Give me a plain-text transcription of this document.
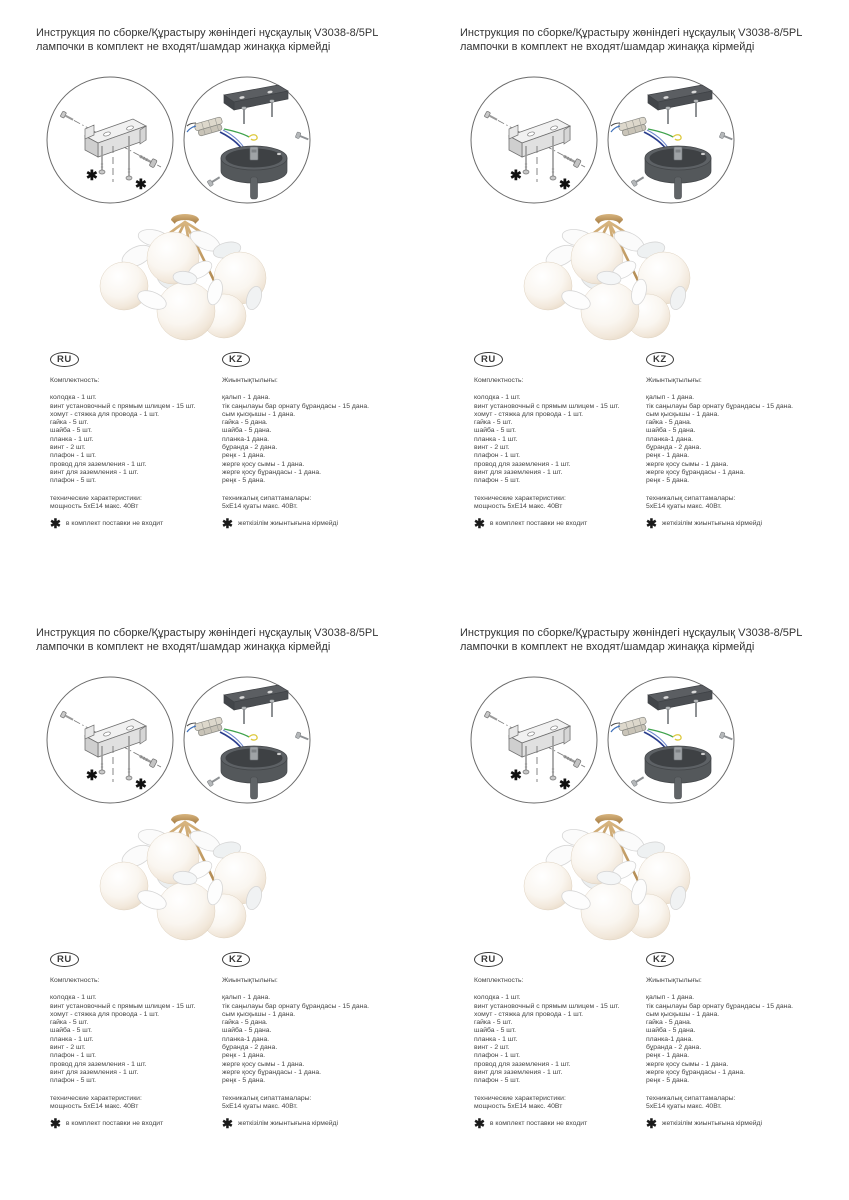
Инструкция по сборке/Құрастыру жөніндегі нұсқаулық V3038-8/5PL
лампочки в комплект не входят/шамдар жинаққа кірмейді
✱
✱
RU
Комплектность:
колодка - 1 шт.
винт установочный с прямым шлицем - 15 шт.
хомут - стяжка для провода - 1 шт.
гайка - 5 шт.
шайба - 5 шт.
планка - 1 шт.
винт - 2 шт.
плафон - 1 шт.
провод для заземления - 1 шт.
винт для заземления - 1 шт.
плафон - 5 шт.
технические характеристики:
мощность 5хЕ14 макс. 40Вт
✱ в комплект поставки не входит
KZ
Жиынтықтылығы:
қалып - 1 дана.
тік саңылауы бар орнату бұрандасы - 15 дана.
сым қысқышы - 1 дана.
гайка - 5 дана.
шайба - 5 дана.
планка-1 дана.
бұранда - 2 дана.
реңк - 1 дана.
жерге қосу сымы - 1 дана.
жерге қосу бұрандасы - 1 дана.
реңк - 5 дана.
техникалық сипаттамалары:
5хЕ14 қуаты макс. 40Вт.
✱ жеткізілім жиынтығына кірмейді
Инструкция по сборке/Құрастыру жөніндегі нұсқаулық V3038-8/5PL
лампочки в комплект не входят/шамдар жинаққа кірмейді
✱
✱
RU
Комплектность:
колодка - 1 шт.
винт установочный с прямым шлицем - 15 шт.
хомут - стяжка для провода - 1 шт.
гайка - 5 шт.
шайба - 5 шт.
планка - 1 шт.
винт - 2 шт.
плафон - 1 шт.
провод для заземления - 1 шт.
винт для заземления - 1 шт.
плафон - 5 шт.
технические характеристики:
мощность 5хЕ14 макс. 40Вт
✱ в комплект поставки не входит
KZ
Жиынтықтылығы:
қалып - 1 дана.
тік саңылауы бар орнату бұрандасы - 15 дана.
сым қысқышы - 1 дана.
гайка - 5 дана.
шайба - 5 дана.
планка-1 дана.
бұранда - 2 дана.
реңк - 1 дана.
жерге қосу сымы - 1 дана.
жерге қосу бұрандасы - 1 дана.
реңк - 5 дана.
техникалық сипаттамалары:
5хЕ14 қуаты макс. 40Вт.
✱ жеткізілім жиынтығына кірмейді
Инструкция по сборке/Құрастыру жөніндегі нұсқаулық V3038-8/5PL
лампочки в комплект не входят/шамдар жинаққа кірмейді
✱
✱
RU
Комплектность:
колодка - 1 шт.
винт установочный с прямым шлицем - 15 шт.
хомут - стяжка для провода - 1 шт.
гайка - 5 шт.
шайба - 5 шт.
планка - 1 шт.
винт - 2 шт.
плафон - 1 шт.
провод для заземления - 1 шт.
винт для заземления - 1 шт.
плафон - 5 шт.
технические характеристики:
мощность 5хЕ14 макс. 40Вт
✱ в комплект поставки не входит
KZ
Жиынтықтылығы:
қалып - 1 дана.
тік саңылауы бар орнату бұрандасы - 15 дана.
сым қысқышы - 1 дана.
гайка - 5 дана.
шайба - 5 дана.
планка-1 дана.
бұранда - 2 дана.
реңк - 1 дана.
жерге қосу сымы - 1 дана.
жерге қосу бұрандасы - 1 дана.
реңк - 5 дана.
техникалық сипаттамалары:
5хЕ14 қуаты макс. 40Вт.
✱ жеткізілім жиынтығына кірмейді
Инструкция по сборке/Құрастыру жөніндегі нұсқаулық V3038-8/5PL
лампочки в комплект не входят/шамдар жинаққа кірмейді
✱
✱
RU
Комплектность:
колодка - 1 шт.
винт установочный с прямым шлицем - 15 шт.
хомут - стяжка для провода - 1 шт.
гайка - 5 шт.
шайба - 5 шт.
планка - 1 шт.
винт - 2 шт.
плафон - 1 шт.
провод для заземления - 1 шт.
винт для заземления - 1 шт.
плафон - 5 шт.
технические характеристики:
мощность 5хЕ14 макс. 40Вт
✱ в комплект поставки не входит
KZ
Жиынтықтылығы:
қалып - 1 дана.
тік саңылауы бар орнату бұрандасы - 15 дана.
сым қысқышы - 1 дана.
гайка - 5 дана.
шайба - 5 дана.
планка-1 дана.
бұранда - 2 дана.
реңк - 1 дана.
жерге қосу сымы - 1 дана.
жерге қосу бұрандасы - 1 дана.
реңк - 5 дана.
техникалық сипаттамалары:
5хЕ14 қуаты макс. 40Вт.
✱ жеткізілім жиынтығына кірмейді
